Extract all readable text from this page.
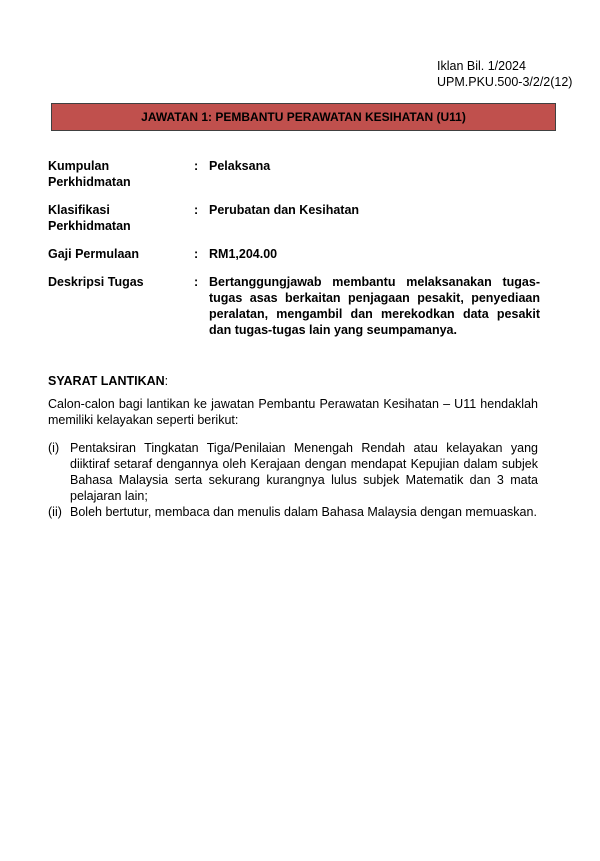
Iklan Bil. 1/2024
UPM.PKU.500-3/2/2(12)
JAWATAN 1: PEMBANTU PERAWATAN KESIHATAN (U11)
Kumpulan Perkhidmatan
: Pelaksana
Klasifikasi Perkhidmatan
: Perubatan dan Kesihatan
Gaji Permulaan	: RM1,204.00
Deskripsi Tugas	: Bertanggungjawab membantu melaksanakan tugas-tugas asas berkaitan penjagaan pesakit, penyediaan peralatan, mengambil dan merekodkan data pesakit dan tugas-tugas lain yang seumpamanya.
SYARAT LANTIKAN:
Calon-calon bagi lantikan ke jawatan Pembantu Perawatan Kesihatan – U11 hendaklah memiliki kelayakan seperti berikut:
(i) Pentaksiran Tingkatan Tiga/Penilaian Menengah Rendah atau kelayakan yang diiktiraf setaraf dengannya oleh Kerajaan dengan mendapat Kepujian dalam subjek Bahasa Malaysia serta sekurang kurangnya lulus subjek Matematik dan 3 mata pelajaran lain;
(ii) Boleh bertutur, membaca dan menulis dalam Bahasa Malaysia dengan memuaskan.
